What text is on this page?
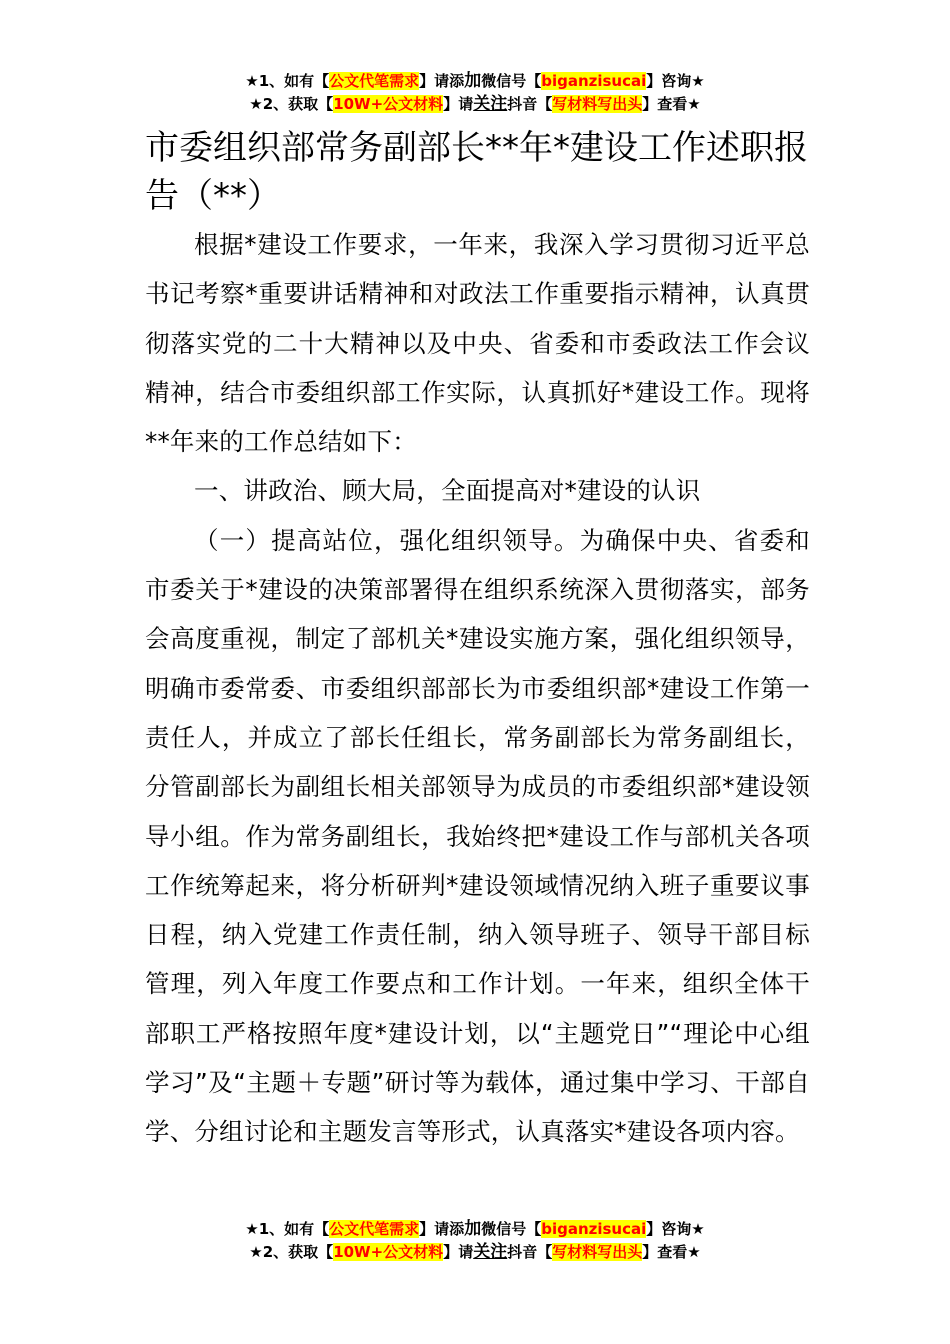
★1、如有【公文代笔需求】请添加微信号【biganzisucai】咨询★
★2、获取【10W+公文材料】请关注抖音【写材料写出头】查看★
市委组织部常务副部长**年*建设工作述职报告（**）

根据*建设工作要求，一年来，我深入学习贯彻习近平总书记考察*重要讲话精神和对政法工作重要指示精神，认真贯彻落实党的二十大精神以及中央、省委和市委政法工作会议精神，结合市委组织部工作实际，认真抓好*建设工作。现将**年来的工作总结如下：

一、讲政治、顾大局，全面提高对*建设的认识

（一）提高站位，强化组织领导。为确保中央、省委和市委关于*建设的决策部署得在组织系统深入贯彻落实，部务会高度重视，制定了部机关*建设实施方案，强化组织领导，明确市委常委、市委组织部部长为市委组织部*建设工作第一责任人，并成立了部长任组长，常务副部长为常务副组长，分管副部长为副组长相关部领导为成员的市委组织部*建设领导小组。作为常务副组长，我始终把*建设工作与部机关各项工作统筹起来，将分析研判*建设领域情况纳入班子重要议事日程，纳入党建工作责任制，纳入领导班子、领导干部目标管理，列入年度工作要点和工作计划。一年来，组织全体干部职工严格按照年度*建设计划，以“主题党日”“理论中心组学习”及“主题＋专题”研讨等为载体，通过集中学习、干部自学、分组讨论和主题发言等形式，认真落实*建设各项内容。

★1、如有【公文代笔需求】请添加微信号【biganzisucai】咨询★
★2、获取【10W+公文材料】请关注抖音【写材料写出头】查看★
